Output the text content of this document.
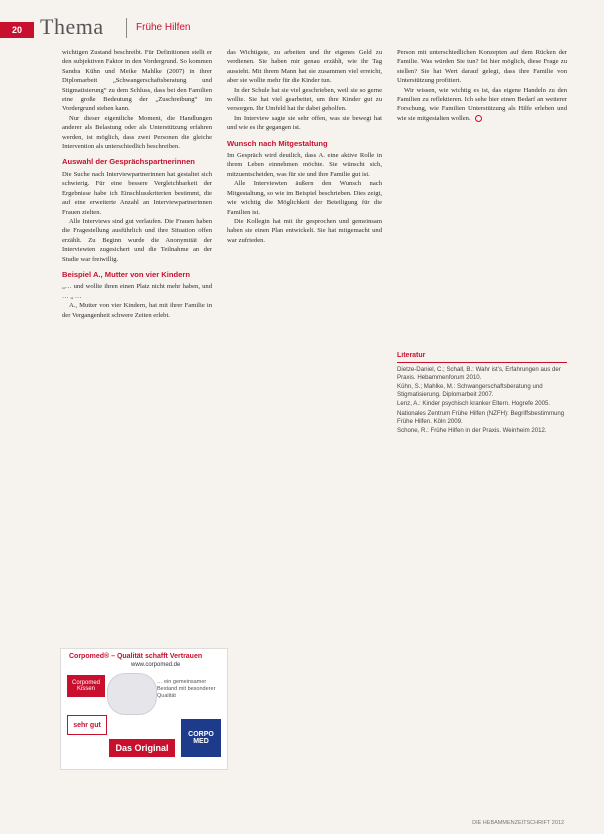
20 Thema	Frühe Hilfen

wichtigen Zustand beschreibt. Für Definitionen stellt er den subjektiven Faktor in den Vordergrund. So kommen Sandra Kühn und Meike Mahlke (2007) in ihrer Diplomarbeit „Schwangerschaftsberatung und Stigmatisierung“ zu dem Schluss, dass bei den Familien eine große Bedeutung der „Zuschreibung“ im Vordergrund stehen kann.

Nur dieser eigentliche Moment, die Handlungen anderer als Belastung oder als Unterstützung erfahren werden, ist möglich, dass zwei Personen die gleiche Intervention als unterschiedlich beschreiben.

Auswahl der Gesprächspartnerinnen

Die Suche nach Interviewpartnerinnen hat gestaltet sich schwierig. Für eine bessere Vergleichbarkeit der Ergebnisse habe ich Einschlusskriterien bestimmt, die auf eine erweiterte Anzahl an Interviewpartnerinnen Frauen zielten.

Alle Interviews sind gut verlaufen. Die Frauen haben die Fragestellung ausführlich und ihre Situation offen erzählt. Zu Beginn wurde die Anonymität der Interviewten zugesichert und die Teilnahme an der Studie war freiwillig.

Beispiel A., Mutter von vier Kindern

„… und wollte ihren einen Platz nicht mehr haben, und … „ …

A., Mutter von vier Kindern, hat mit ihrer Familie in der Vergangenheit schwere Zeiten erlebt.

das Wichtigste, zu arbeiten und ihr eigenes Geld zu verdienen. Sie haben mir genau erzählt, wie ihr Tag aussieht. Mit ihrem Mann hat sie zusammen viel erreicht, aber sie wollte mehr für die Kinder tun.

In der Schule hat sie viel geschrieben, weil sie so gerne wollte. Sie hat viel gearbeitet, um ihre Kinder gut zu versorgen. Ihr Umfeld hat ihr dabei geholfen.

Im Interview sagte sie sehr offen, was sie bewegt hat und wie es ihr gegangen ist.

Wunsch nach Mitgestaltung

Im Gespräch wird deutlich, dass A. eine aktive Rolle in ihrem Leben einnehmen möchte. Sie wünscht sich, mitzuentscheiden, was für sie und ihre Familie gut ist.

Alle Interviewten äußern den Wunsch nach Mitgestaltung, so wie im Beispiel beschrieben. Dies zeigt, wie wichtig die Möglichkeit der Beteiligung für die Familien ist.

Die Kollegin hat mit ihr gesprochen und gemeinsam haben sie einen Plan entwickelt. Sie hat mitgemacht und war zufrieden.

Person mit unterschiedlichen Konzepten auf dem Rücken der Familie. Was würden Sie tun? Ist hier möglich, diese Frage zu stellen? Sie hat Wert darauf gelegt, dass ihre Familie von Unterstützung profitiert.

Wir wissen, wie wichtig es ist, das eigene Handeln zu den Familien zu reflektieren. Ich sehe hier einen Bedarf an weiterer Forschung, wie Familien Unterstützung als Hilfe erleben und wie sie mitgestalten wollen.

Literatur

Dietze-Daniel, C.; Schall, B.: Wahr ist's, Erfahrungen aus der Praxis. Hebammenforum 2010.

Kühn, S.; Mahlke, M.: Schwangerschaftsberatung und Stigmatisierung. Diplomarbeit 2007.

Lenz, A.: Kinder psychisch kranker Eltern. Hogrefe 2005.

Nationales Zentrum Frühe Hilfen (NZFH): Begriffsbestimmung Frühe Hilfen. Köln 2009.

Schone, R.: Frühe Hilfen in der Praxis. Weinheim 2012.

Corpomed® – Qualität schafft Vertrauen
www.corpomed.de
Corpomed Kissen
… ein gemeinsamer Bestand mit besonderer Qualität
sehr gut
Das Original
CORPO MED
DIE HEBAMMENZEITSCHRIFT 2012
